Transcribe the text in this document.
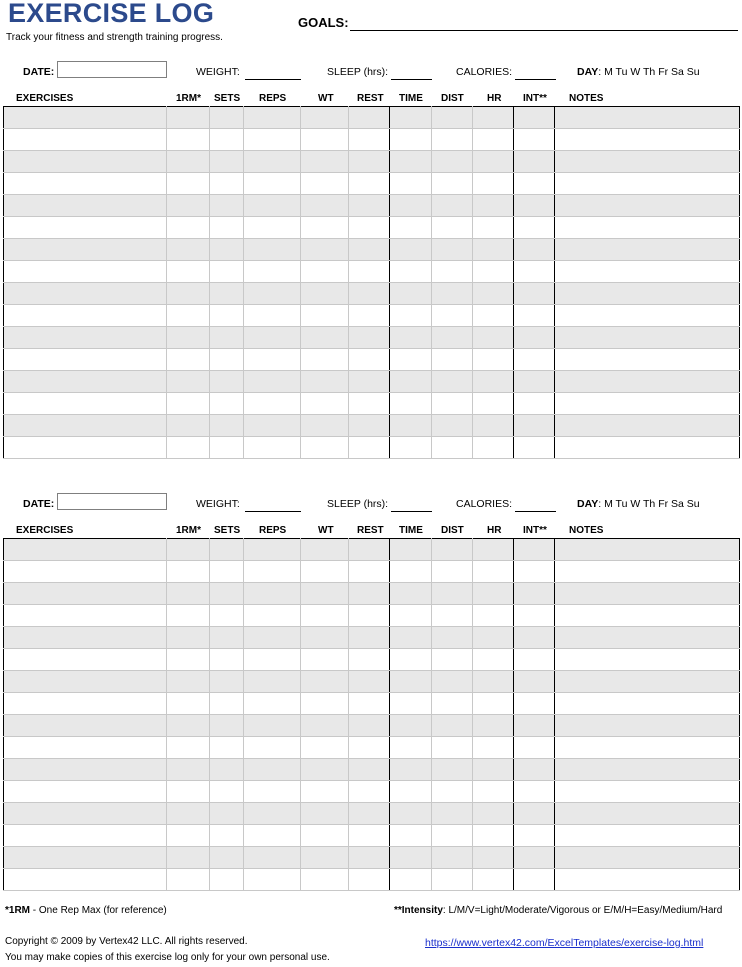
EXERCISE LOG
Track your fitness and strength training progress.
GOALS:
DATE:	WEIGHT:	SLEEP (hrs):	CALORIES:	DAY: M Tu W Th Fr Sa Su
EXERCISES	1RM* SETS REPS	WT REST TIME DIST HR INT** NOTES

DATE:	WEIGHT:	SLEEP (hrs):	CALORIES:	DAY: M Tu W Th Fr Sa Su
EXERCISES	1RM* SETS REPS	WT REST TIME DIST HR INT** NOTES

*1RM - One Rep Max (for reference)	**Intensity: L/M/V=Light/Moderate/Vigorous or E/M/H=Easy/Medium/Hard
Copyright © 2009 by Vertex42 LLC. All rights reserved.
You may make copies of this exercise log only for your own personal use.
https://www.vertex42.com/ExcelTemplates/exercise-log.html
